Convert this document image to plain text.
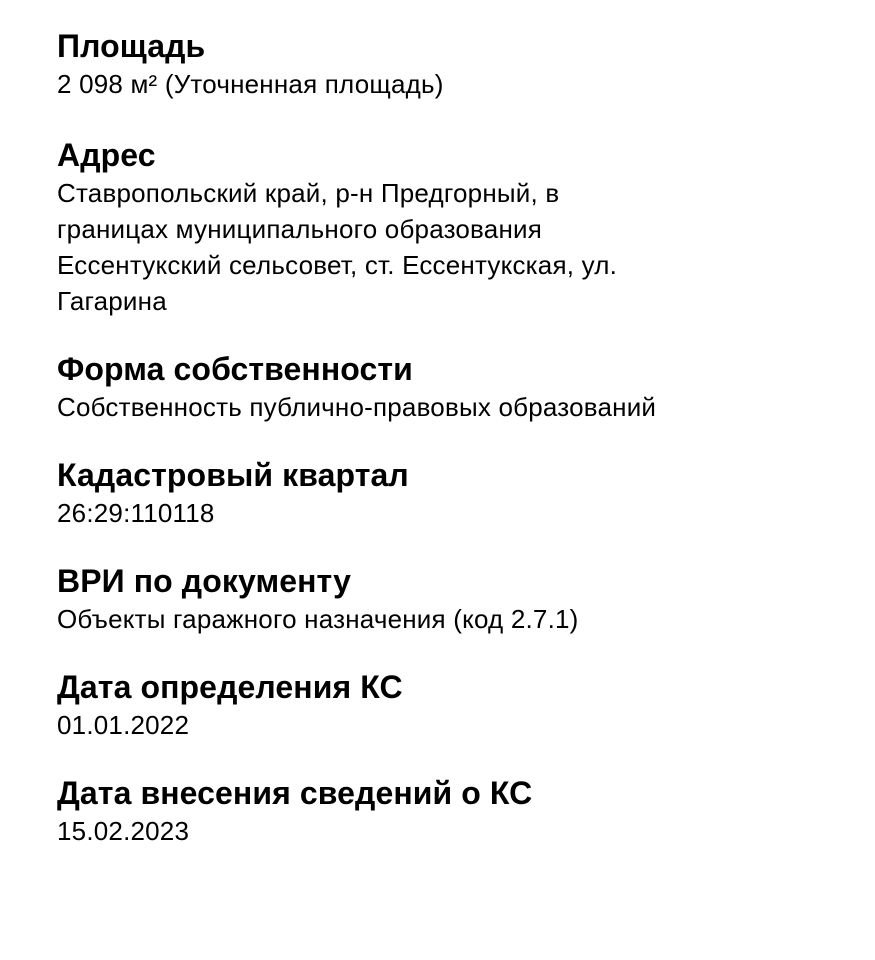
Площадь
2 098 м² (Уточненная площадь)
Адрес
Ставропольский край, р-н Предгорный, в
границах муниципального образования
Ессентукский сельсовет, ст. Ессентукская, ул.
Гагарина
Форма собственности
Собственность публично-правовых образований
Кадастровый квартал
26:29:110118
ВРИ по документу
Объекты гаражного назначения (код 2.7.1)
Дата определения КС
01.01.2022
Дата внесения сведений о КС
15.02.2023
